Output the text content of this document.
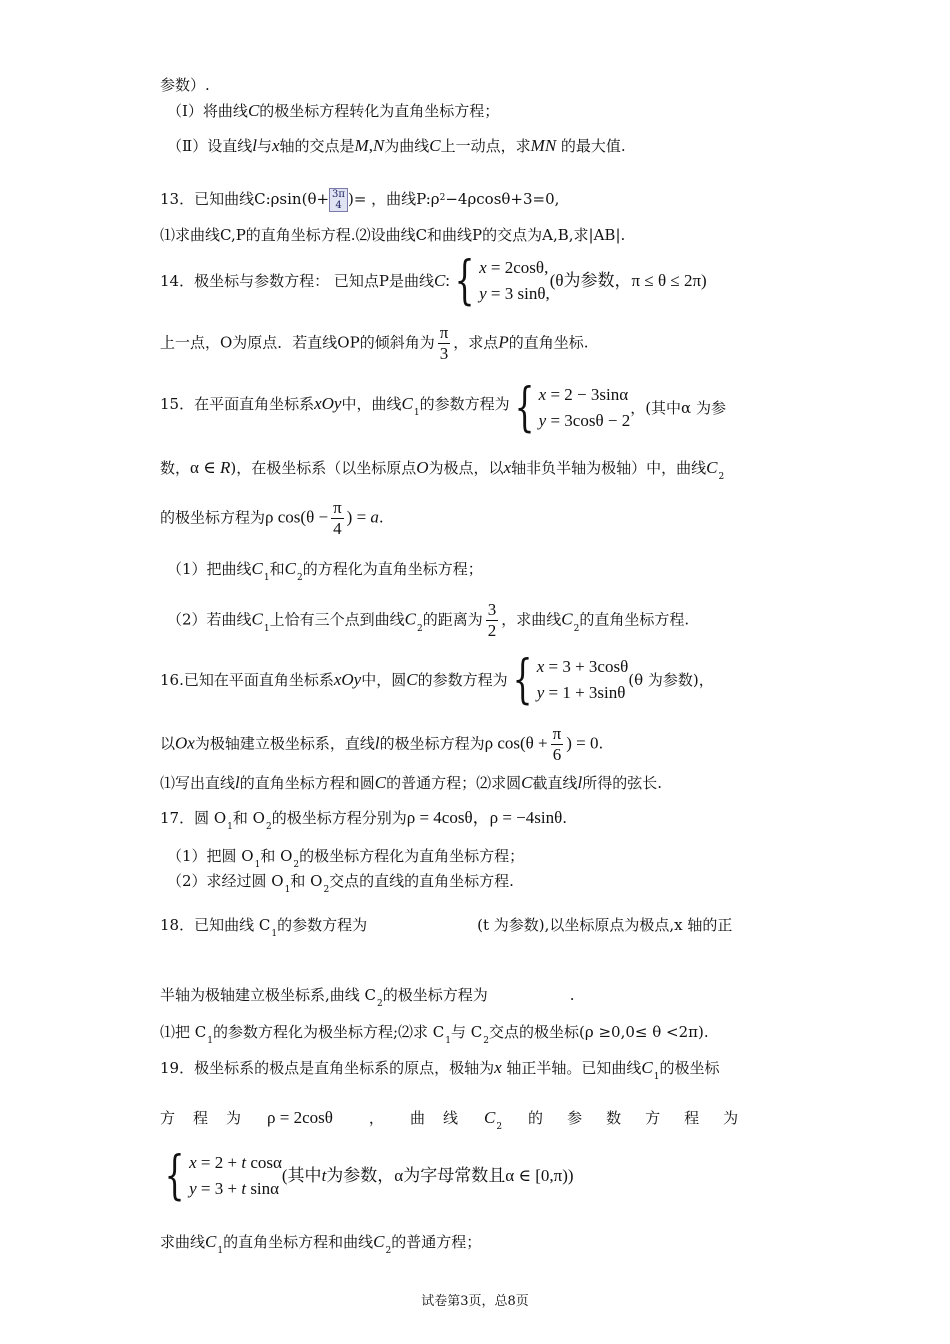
参数）.
（I）将曲线C的极坐标方程转化为直角坐标方程；
（Ⅱ）设直线l与x轴的交点是M,N为曲线C上一动点，求MN 的最大值.
13．已知曲线C:ρsin(θ+ 3π
4 )= ，曲线$P:\rho^2-4\rho\cos\theta+3=0$,
⑴求曲线C,P的直角坐标方程.⑵设曲线C和曲线P的交点为A,B,求|AB|.
14．极坐标与参数方程： 已知点P是曲线C: { x = 2cosθ,
y = 3 sinθ,
(θ为参数，π ≤ θ ≤ 2π)
上一点，O为原点．若直线OP的倾斜角为 $\frac{\pi}{3}$ ，求点P的直角坐标.
15．在平面直角坐标系xOy中，曲线$C_1$的参数方程为 { x = 2 − 3sinα
y = 3cosθ − 2
，(其中α 为参
数，α ∈ R)，在极坐标系（以坐标原点O为极点，以x轴非负半轴为极轴）中，曲线$C_2$
的极坐标方程为ρ $\cos(\theta - \frac{\pi}{4}$ ) = a.
（1）把曲线$C_1$和$C_2$的方程化为直角坐标方程；
（2）若曲线$C_1$上恰有三个点到曲线$C_2$的距离为 $\frac{3}{2}$ ，求曲线$C_2$的直角坐标方程.
16.已知在平面直角坐标系xOy中，圆C的参数方程为 { x = 3 + 3cosθ
y = 1 + 3sinθ
(θ 为参数)，
以Ox为极轴建立极坐标系，直线l的极坐标方程为ρ $\cos(\theta + \frac{\pi}{6}$ ) = 0.
⑴写出直线l的直角坐标方程和圆C的普通方程；⑵求圆C截直线l所得的弦长.
17．圆 $O_1$和 $O_2$的极坐标方程分别为ρ = 4cosθ，ρ = −4sinθ.
（1）把圆 $O_1$和 $O_2$的极坐标方程化为直角坐标方程；
（2）求经过圆 $O_1$和 $O_2$交点的直线的直角坐标方程.
18．已知曲线 $C_1$的参数方程为	(t 为参数),以坐标原点为极点,x 轴的正
半轴为极轴建立极坐标系,曲线 $C_2$的极坐标方程为	.
⑴把 $C_1$的参数方程化为极坐标方程;⑵求 $C_1$与 $C_2$交点的极坐标(ρ ≥0,0≤ θ <2π).
19．极坐标系的极点是直角坐标系的原点，极轴为x 轴正半轴。已知曲线$C_1$的极坐标
方 程 为 ρ = 2cosθ ， 曲 线 $C_2$ 的 参 数 方 程 为
{ x = 2 + t cosα
y = 3 + t sinα
(其中t为参数，α为字母常数且α ∈ [0,π))
求曲线$C_1$的直角坐标方程和曲线$C_2$的普通方程；
试卷第3页，总8页
